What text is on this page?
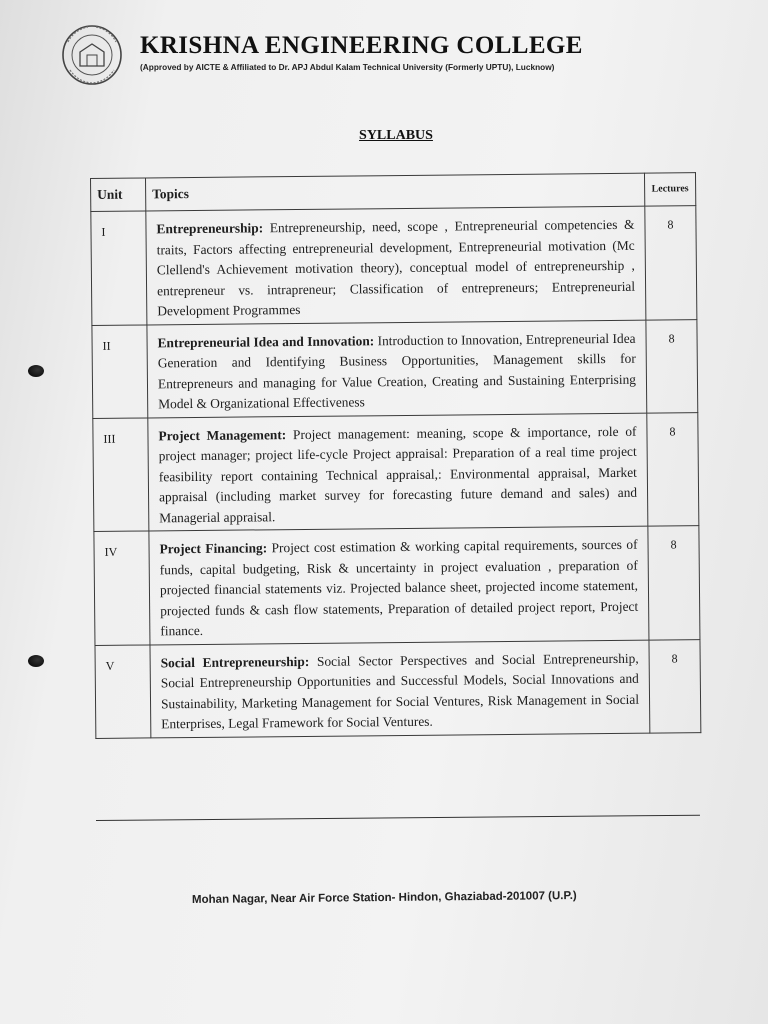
KRISHNA ENGINEERING COLLEGE
(Approved by AICTE & Affiliated to Dr. APJ Abdul Kalam Technical University (Formerly UPTU), Lucknow)
SYLLABUS
Unit	Topics	Lectures
I	Entrepreneurship: Entrepreneurship, need, scope , Entrepreneurial competencies & traits, Factors affecting entrepreneurial development, Entrepreneurial motivation (Mc Clellend's Achievement motivation theory), conceptual model of entrepreneurship , entrepreneur vs. intrapreneur; Classification of entrepreneurs; Entrepreneurial Development Programmes	8
II	Entrepreneurial Idea and Innovation: Introduction to Innovation, Entrepreneurial Idea Generation and Identifying Business Opportunities, Management skills for Entrepreneurs and managing for Value Creation, Creating and Sustaining Enterprising Model & Organizational Effectiveness	8
III	Project Management: Project management: meaning, scope & importance, role of project manager; project life-cycle Project appraisal: Preparation of a real time project feasibility report containing Technical appraisal,: Environmental appraisal, Market appraisal (including market survey for forecasting future demand and sales) and Managerial appraisal.	8
IV	Project Financing: Project cost estimation & working capital requirements, sources of funds, capital budgeting, Risk & uncertainty in project evaluation , preparation of projected financial statements viz. Projected balance sheet, projected income statement, projected funds & cash flow statements, Preparation of detailed project report, Project finance.	8
V	Social Entrepreneurship: Social Sector Perspectives and Social Entrepreneurship, Social Entrepreneurship Opportunities and Successful Models, Social Innovations and Sustainability, Marketing Management for Social Ventures, Risk Management in Social Enterprises, Legal Framework for Social Ventures.	8
Mohan Nagar, Near Air Force Station- Hindon, Ghaziabad-201007 (U.P.)
